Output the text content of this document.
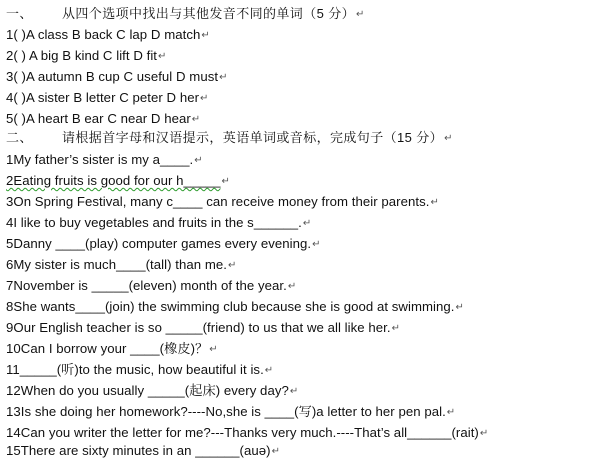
一、 从四个选项中找出与其他发音不同的单词（5 分）↵
1( )A class B back C lap D match↵
2( ) A big B kind C lift D fit↵
3( )A autumn B cup C useful D must↵
4( )A sister B letter C peter D her↵
5( )A heart B ear C near D hear↵
二、 请根据首字母和汉语提示，英语单词或音标，完成句子（15 分）↵
1My father’s sister is my a____.↵
2Eating fruits is good for our h_____↵
3On Spring Festival, many c____ can receive money from their parents.↵
4I like to buy vegetables and fruits in the s______.↵
5Danny ____(play) computer games every evening.↵
6My sister is much____(tall) than me.↵
7November is _____(eleven) month of the year.↵
8She wants____(join) the swimming club because she is good at swimming.↵
9Our English teacher is so _____(friend) to us that we all like her.↵
10Can I borrow your ____(橡皮)？↵
11_____(听)to the music, how beautiful it is.↵
12When do you usually _____(起床) every day?↵
13Is she doing her homework?----No,she is ____(写)a letter to her pen pal.↵
14Can you writer the letter for me?---Thanks very much.----That’s all______(rait)↵
15There are sixty minutes in an ______(auə)↵
